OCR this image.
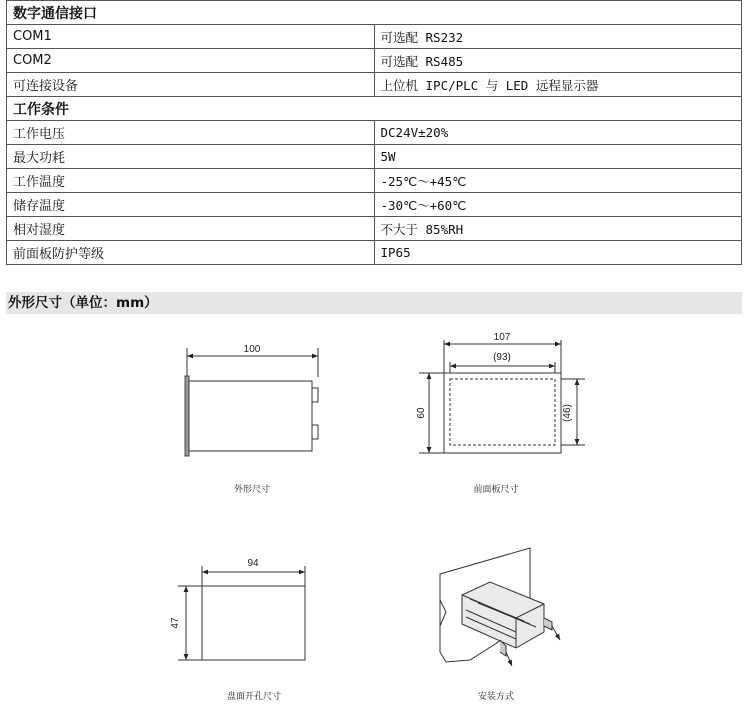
数字通信接口	
COM1	可选配 RS232
COM2	可选配 RS485
可连接设备	上位机 IPC/PLC 与 LED 远程显示器
工作条件	
工作电压	DC24V±20%
最大功耗	5W
工作温度	-25℃～+45℃
储存温度	-30℃～+60℃
相对湿度	不大于 85%RH
前面板防护等级	IP65
外形尺寸（单位：mm）
100
外形尺寸
107
(93)
60	(46)
前面板尺寸
94
47
盘面开孔尺寸	安装方式
